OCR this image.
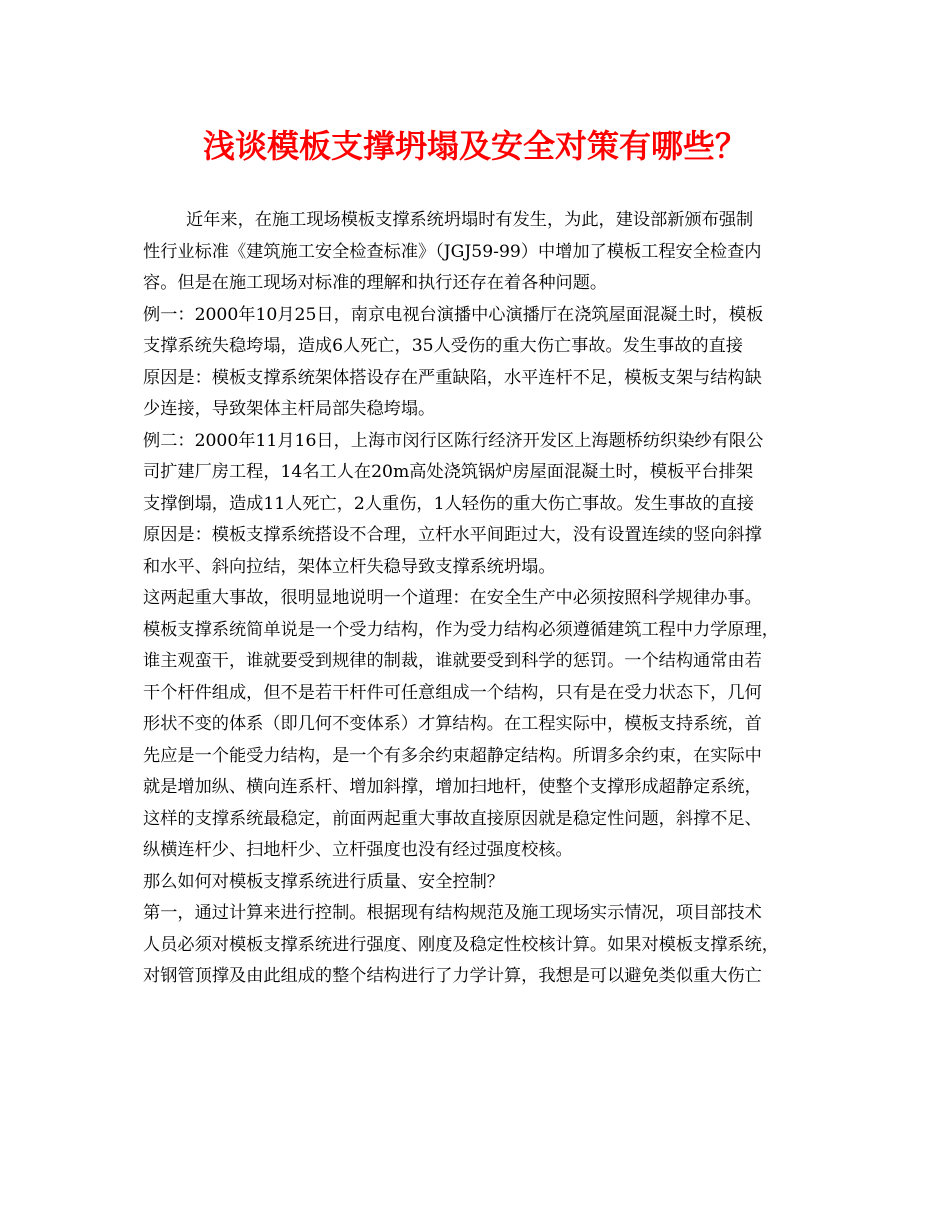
浅谈模板支撑坍塌及安全对策有哪些？

近年来，在施工现场模板支撑系统坍塌时有发生，为此，建设部新颁布强制

性行业标准《建筑施工安全检查标准》（JGJ59-99）中增加了模板工程安全检查内

容。但是在施工现场对标准的理解和执行还存在着各种问题。

例一：2000年10月25日，南京电视台演播中心演播厅在浇筑屋面混凝土时，模板

支撑系统失稳垮塌，造成6人死亡，35人受伤的重大伤亡事故。发生事故的直接

原因是：模板支撑系统架体搭设存在严重缺陷，水平连杆不足，模板支架与结构缺

少连接，导致架体主杆局部失稳垮塌。

例二：2000年11月16日，上海市闵行区陈行经济开发区上海题桥纺织染纱有限公

司扩建厂房工程，14名工人在20m高处浇筑锅炉房屋面混凝土时，模板平台排架

支撑倒塌，造成11人死亡，2人重伤，1人轻伤的重大伤亡事故。发生事故的直接

原因是：模板支撑系统搭设不合理，立杆水平间距过大，没有设置连续的竖向斜撑

和水平、斜向拉结，架体立杆失稳导致支撑系统坍塌。

这两起重大事故，很明显地说明一个道理：在安全生产中必须按照科学规律办事。

模板支撑系统简单说是一个受力结构，作为受力结构必须遵循建筑工程中力学原理，

谁主观蛮干，谁就要受到规律的制裁，谁就要受到科学的惩罚。一个结构通常由若

干个杆件组成，但不是若干杆件可任意组成一个结构，只有是在受力状态下，几何

形状不变的体系（即几何不变体系）才算结构。在工程实际中，模板支持系统，首

先应是一个能受力结构，是一个有多余约束超静定结构。所谓多余约束，在实际中

就是增加纵、横向连系杆、增加斜撑，增加扫地杆，使整个支撑形成超静定系统，

这样的支撑系统最稳定，前面两起重大事故直接原因就是稳定性问题，斜撑不足、

纵横连杆少、扫地杆少、立杆强度也没有经过强度校核。

那么如何对模板支撑系统进行质量、安全控制？

第一，通过计算来进行控制。根据现有结构规范及施工现场实示情况，项目部技术

人员必须对模板支撑系统进行强度、刚度及稳定性校核计算。如果对模板支撑系统，

对钢管顶撑及由此组成的整个结构进行了力学计算，我想是可以避免类似重大伤亡
